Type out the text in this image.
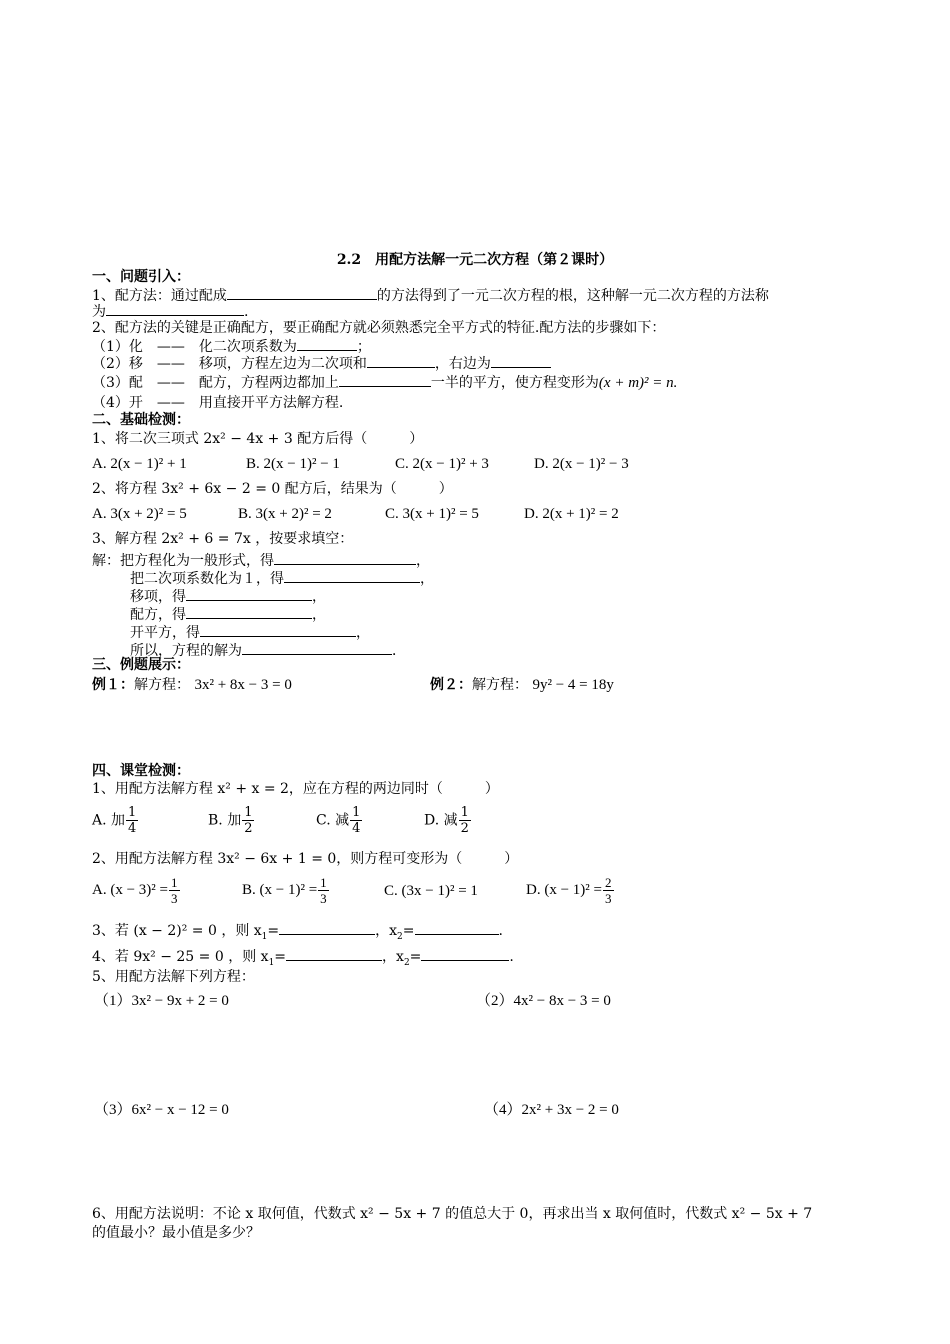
2.2　用配方法解一元二次方程（第２课时）
一、问题引入：
1、配方法：通过配成	的方法得到了一元二次方程的根，这种解一元二次方程的方法称
为	.
2、配方法的关键是正确配方，要正确配方就必须熟悉完全平方式的特征.配方法的步骤如下：
（1）化　——　化二次项系数为	；
（2）移　——　移项，方程左边为二次项和	，右边为
（3）配　——　配方，方程两边都加上	一半的平方，使方程变形为(x + m)² = n.
（4）开　——　用直接开平方法解方程.
二、基础检测：
1、将二次三项式 2x² − 4x + 3 配方后得（　　　）
A. 2(x − 1)² + 1	B. 2(x − 1)² − 1	C. 2(x − 1)² + 3	D. 2(x − 1)² − 3
2、将方程 3x² + 6x − 2 = 0 配方后，结果为（　　　）
A. 3(x + 2)² = 5	B. 3(x + 2)² = 2	C. 3(x + 1)² = 5	D. 2(x + 1)² = 2
3、解方程 2x² + 6 = 7x ，按要求填空：
解：把方程化为一般形式，得	，
把二次项系数化为１，得	，
移项，得	，
配方，得	，
开平方，得	，
所以，方程的解为	．
三、例题展示：
例１：解方程： 3x² + 8x − 3 = 0	例２：解方程： 9y² − 4 = 18y
四、课堂检测：
1、用配方法解方程 x² + x = 2，应在方程的两边同时（　　　）
A. 加 $\frac{1}{4}$	B. 加 $\frac{1}{2}$	C. 减 $\frac{1}{4}$	D. 减 $\frac{1}{2}$
2、用配方法解方程 3x² − 6x + 1 = 0，则方程可变形为（　　　）
A. $(x - 3)^2 = \frac{1}{3}$	B. $(x - 1)^2 = \frac{1}{3}$	C. (3x − 1)² = 1	D. $(x - 1)^2 = \frac{2}{3}$
3、若 (x − 2)² = 0 ，则 $x_1=$	，$x_2=$	.
4、若 9x² − 25 = 0 ，则 $x_1=$	，$x_2=$	.
5、用配方法解下列方程：
（1）3x² − 9x + 2 = 0	（2）4x² − 8x − 3 = 0
（3）6x² − x − 12 = 0	（4）2x² + 3x − 2 = 0
6、用配方法说明：不论 x 取何值，代数式 x² − 5x + 7 的值总大于 0，再求出当 x 取何值时，代数式 x² − 5x + 7
的值最小？最小值是多少？
